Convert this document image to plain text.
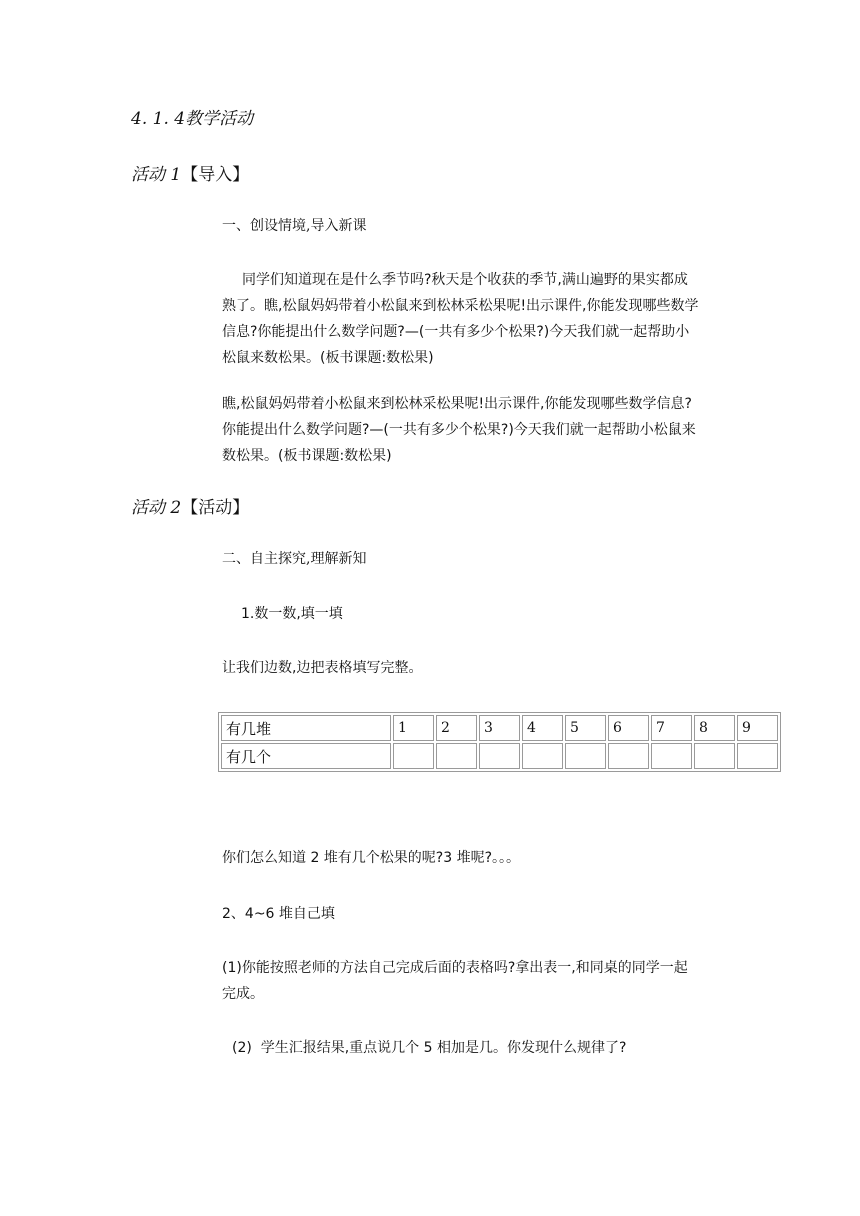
4. 1. 4教学活动
活动 1【导入】
一、创设情境,导入新课
同学们知道现在是什么季节吗?秋天是个收获的季节,满山遍野的果实都成
熟了。瞧,松鼠妈妈带着小松鼠来到松林采松果呢!出示课件,你能发现哪些数学
信息?你能提出什么数学问题?—(一共有多少个松果?)今天我们就一起帮助小
松鼠来数松果。(板书课题:数松果)
瞧,松鼠妈妈带着小松鼠来到松林采松果呢!出示课件,你能发现哪些数学信息?
你能提出什么数学问题?—(一共有多少个松果?)今天我们就一起帮助小松鼠来
数松果。(板书课题:数松果)
活动 2【活动】
二、自主探究,理解新知
1.数一数,填一填
让我们边数,边把表格填写完整。
有几堆	1	2	3	4	5	6	7	8	9
有几个									
你们怎么知道 2 堆有几个松果的呢?3 堆呢?。。。
2、4~6 堆自己填
(1)你能按照老师的方法自己完成后面的表格吗?拿出表一,和同桌的同学一起
完成。
(2)  学生汇报结果,重点说几个 5 相加是几。你发现什么规律了?
